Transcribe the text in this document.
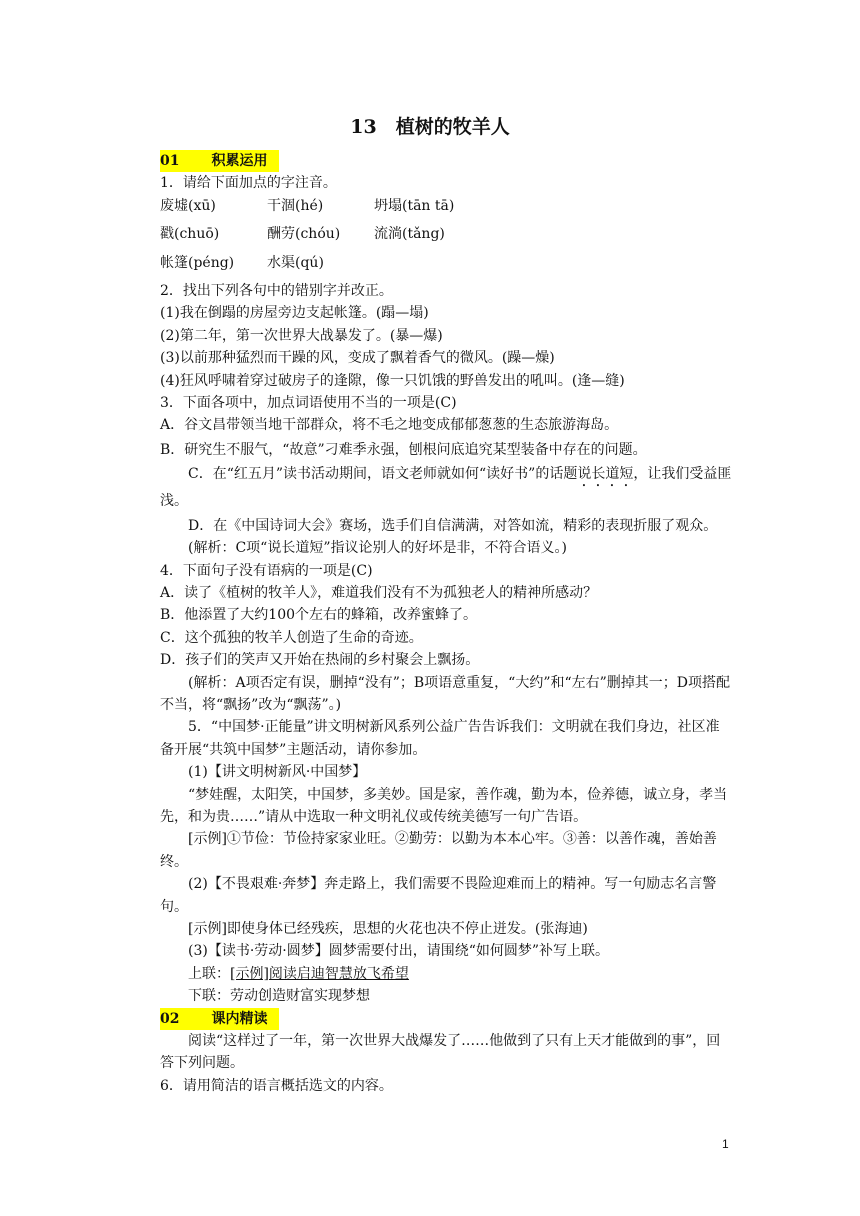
13　植树的牧羊人

01 积累运用

1．请给下面加点的字注音。

废墟(xū)	干涸(hé)	坍塌(tān tā)

戳(chuō)	酬劳(chóu) 流淌(tǎng)

帐篷(péng) 水渠(qú)

2．找出下列各句中的错别字并改正。

(1)我在倒蹋的房屋旁边支起帐篷。(蹋—塌)

(2)第二年，第一次世界大战暴发了。(暴—爆)

(3)以前那种猛烈而干躁的风，变成了飘着香气的微风。(躁—燥)

(4)狂风呼啸着穿过破房子的逢隙，像一只饥饿的野兽发出的吼叫。(逢—缝)

3．下面各项中，加点词语使用不当的一项是(C)

A．谷文昌带领当地干部群众，将不毛之地变成郁郁葱葱的生态旅游海岛。

B．研究生不服气，“故意”刁难季永强，刨根问底追究某型装备中存在的问题。

C．在“红五月”读书活动期间，语文老师就如何“读好书”的话题说长道短，让我们受益匪浅。

D．在《中国诗词大会》赛场，选手们自信满满，对答如流，精彩的表现折服了观众。

(解析：C项“说长道短”指议论别人的好坏是非，不符合语义。)

4．下面句子没有语病的一项是(C)

A．读了《植树的牧羊人》，难道我们没有不为孤独老人的精神所感动？

B．他添置了大约100个左右的蜂箱，改养蜜蜂了。

C．这个孤独的牧羊人创造了生命的奇迹。

D．孩子们的笑声又开始在热闹的乡村聚会上飘扬。

(解析：A项否定有误，删掉“没有”；B项语意重复，“大约”和“左右”删掉其一；D项搭配不当，将“飘扬”改为“飘荡”。)

5．“中国梦·正能量”讲文明树新风系列公益广告告诉我们：文明就在我们身边，社区准备开展“共筑中国梦”主题活动，请你参加。

(1)【讲文明树新风·中国梦】

“梦娃醒，太阳笑，中国梦，多美妙。国是家，善作魂，勤为本，俭养德，诚立身，孝当先，和为贵……”请从中选取一种文明礼仪或传统美德写一句广告语。

[示例]①节俭：节俭持家家业旺。②勤劳：以勤为本本心牢。③善：以善作魂，善始善终。

(2)【不畏艰难·奔梦】奔走路上，我们需要不畏险迎难而上的精神。写一句励志名言警句。

[示例]即使身体已经残疾，思想的火花也决不停止迸发。(张海迪)

(3)【读书·劳动·圆梦】圆梦需要付出，请围绕“如何圆梦”补写上联。

上联：[示例]阅读启迪智慧放飞希望

下联：劳动创造财富实现梦想

02 课内精读

阅读“这样过了一年，第一次世界大战爆发了……他做到了只有上天才能做到的事”，回答下列问题。

6．请用简洁的语言概括选文的内容。

1
